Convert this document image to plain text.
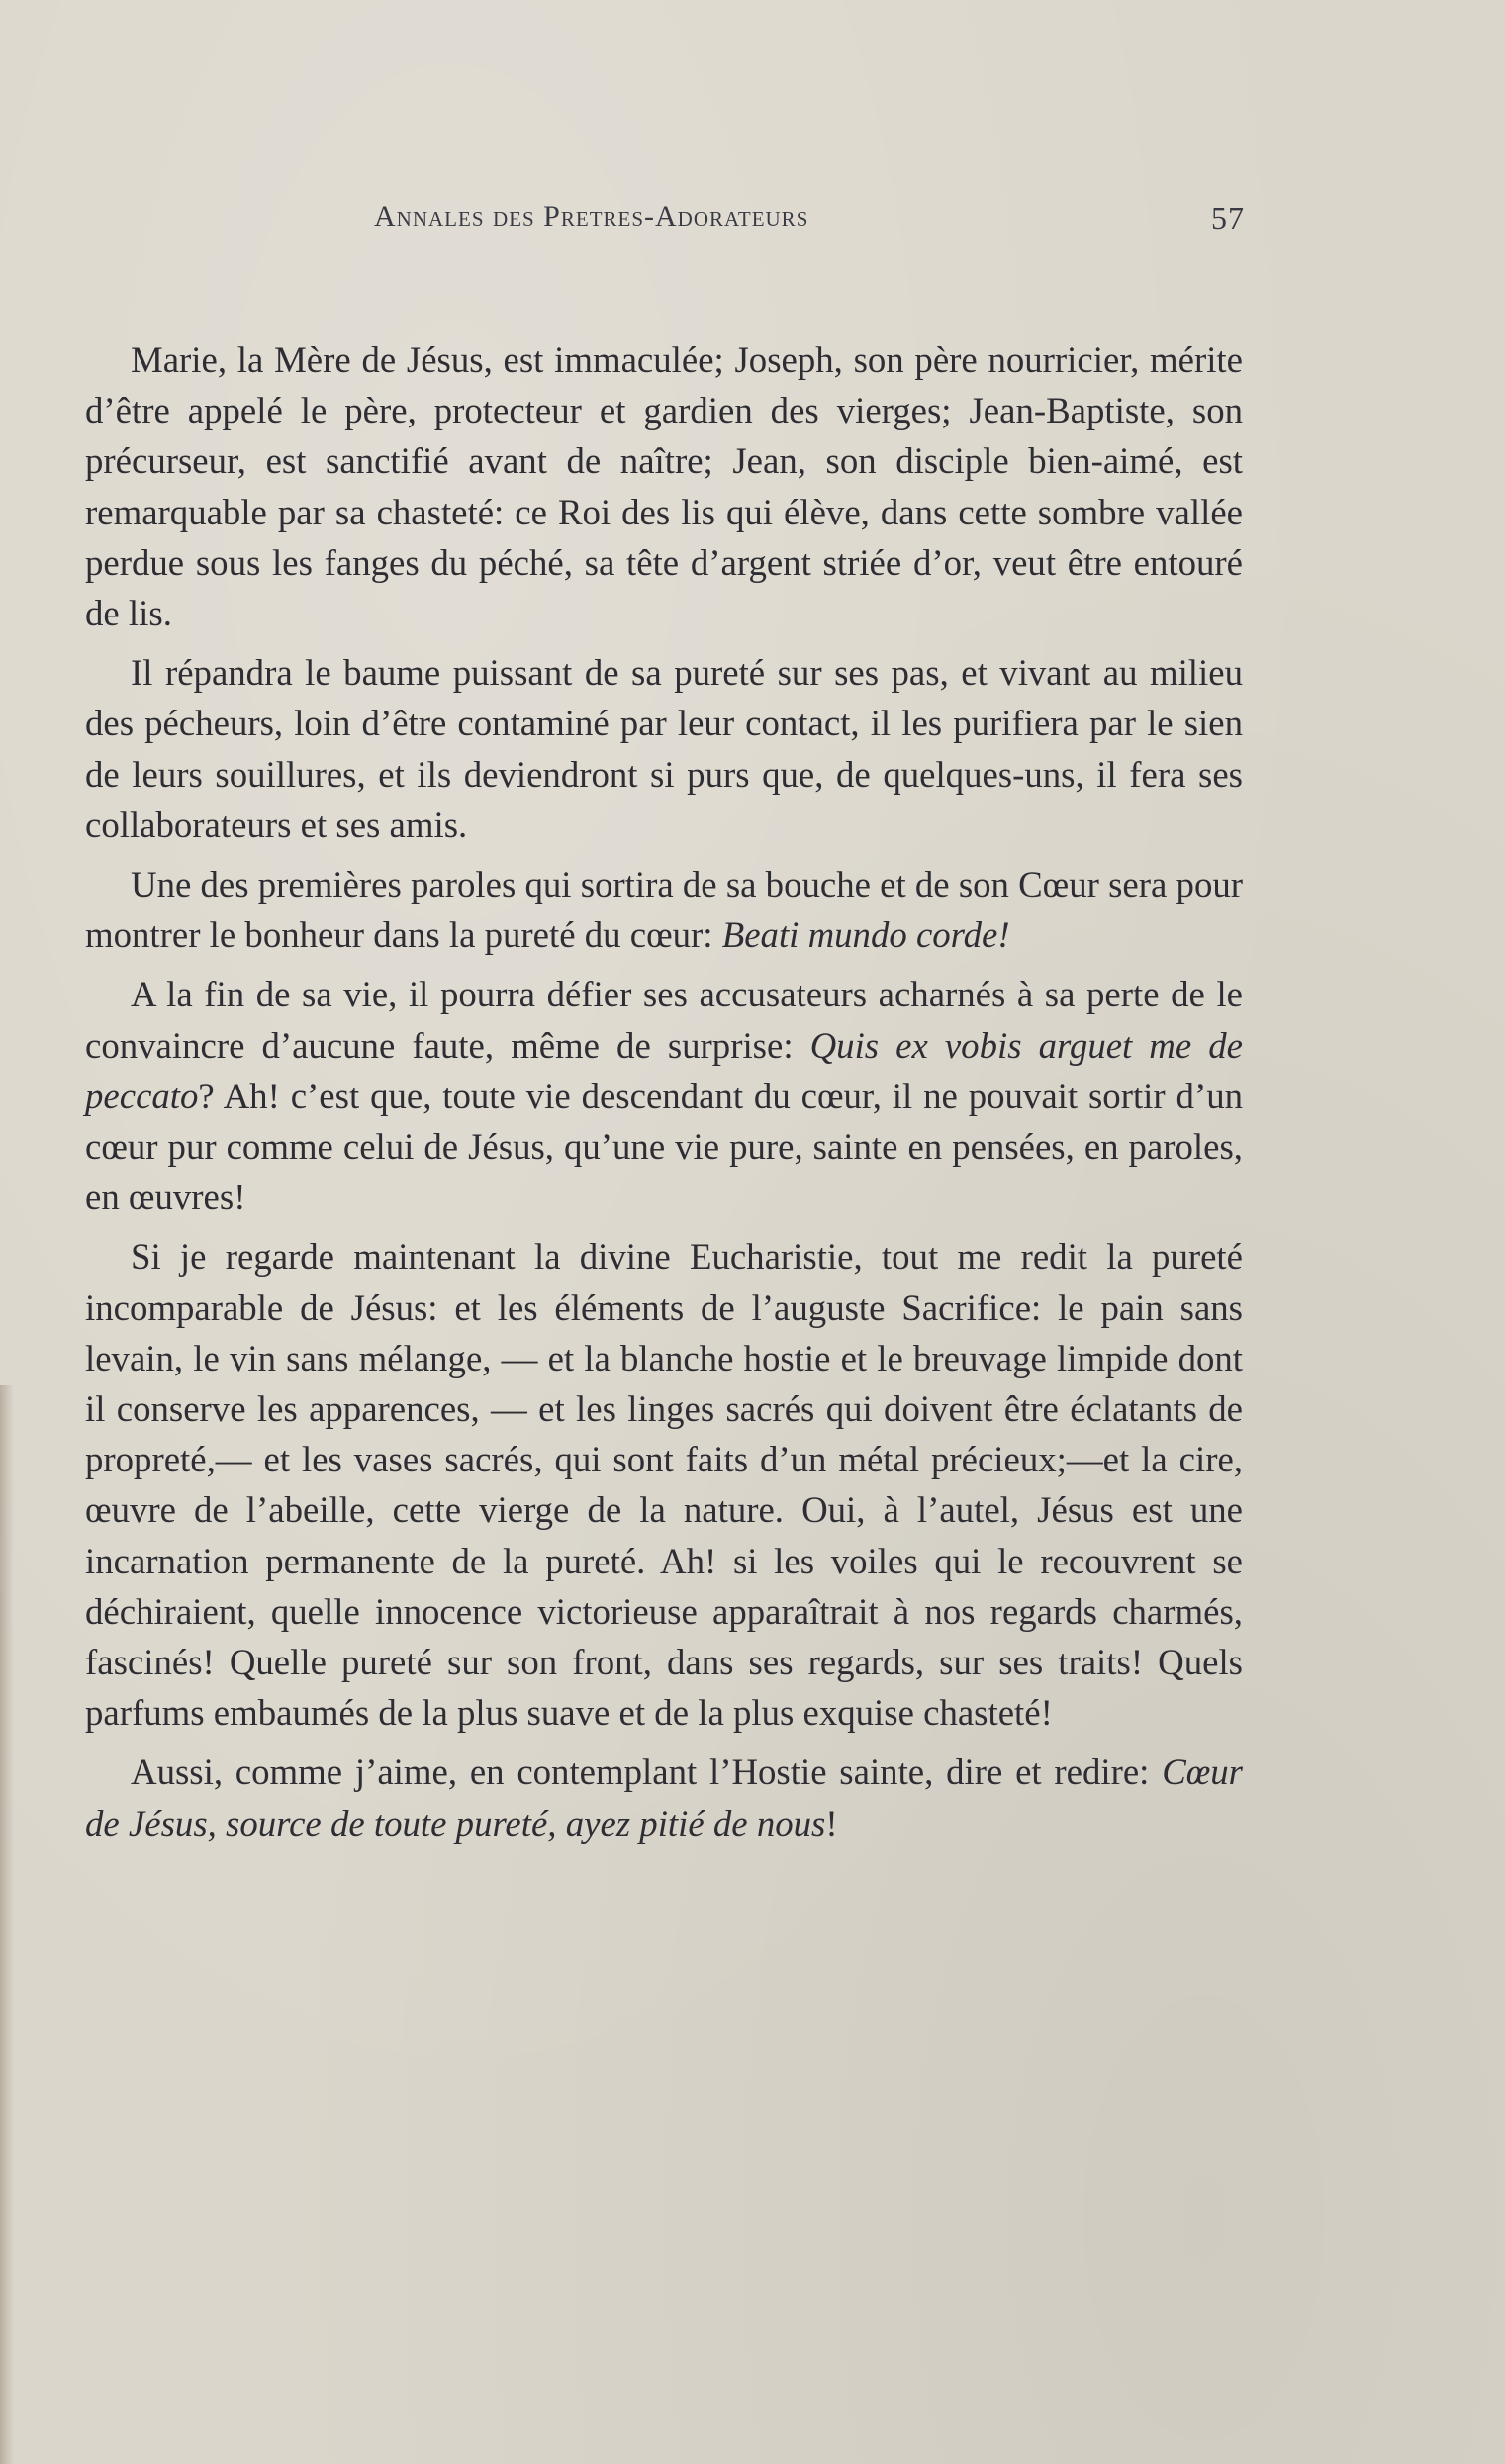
Annales des Pretres-Adorateurs	57

Marie, la Mère de Jésus, est immaculée; Joseph, son père nourricier, mérite d’être appelé le père, protecteur et gardien des vierges; Jean-Baptiste, son précurseur, est sanctifié avant de naître; Jean, son disciple bien-aimé, est remarquable par sa chasteté: ce Roi des lis qui élève, dans cette sombre vallée perdue sous les fanges du péché, sa tête d’argent striée d’or, veut être entouré de lis.

Il répandra le baume puissant de sa pureté sur ses pas, et vivant au milieu des pécheurs, loin d’être contaminé par leur contact, il les purifiera par le sien de leurs souillures, et ils deviendront si purs que, de quelques-uns, il fera ses collaborateurs et ses amis.

Une des premières paroles qui sortira de sa bouche et de son Cœur sera pour montrer le bonheur dans la pureté du cœur: Beati mundo corde!

A la fin de sa vie, il pourra défier ses accusateurs acharnés à sa perte de le convaincre d’aucune faute, même de surprise: Quis ex vobis arguet me de peccato? Ah! c’est que, toute vie descendant du cœur, il ne pouvait sortir d’un cœur pur comme celui de Jésus, qu’une vie pure, sainte en pensées, en paroles, en œuvres!

Si je regarde maintenant la divine Eucharistie, tout me redit la pureté incomparable de Jésus: et les éléments de l’auguste Sacrifice: le pain sans levain, le vin sans mélange, — et la blanche hostie et le breuvage limpide dont il conserve les apparences, — et les linges sacrés qui doivent être éclatants de propreté,— et les vases sacrés, qui sont faits d’un métal précieux;—et la cire, œuvre de l’abeille, cette vierge de la nature. Oui, à l’autel, Jésus est une incarnation permanente de la pureté. Ah! si les voiles qui le recouvrent se déchiraient, quelle innocence victorieuse apparaîtrait à nos regards charmés, fascinés! Quelle pureté sur son front, dans ses regards, sur ses traits! Quels parfums embaumés de la plus suave et de la plus exquise chasteté!

Aussi, comme j’aime, en contemplant l’Hostie sainte, dire et redire: Cœur de Jésus, source de toute pureté, ayez pitié de nous!
